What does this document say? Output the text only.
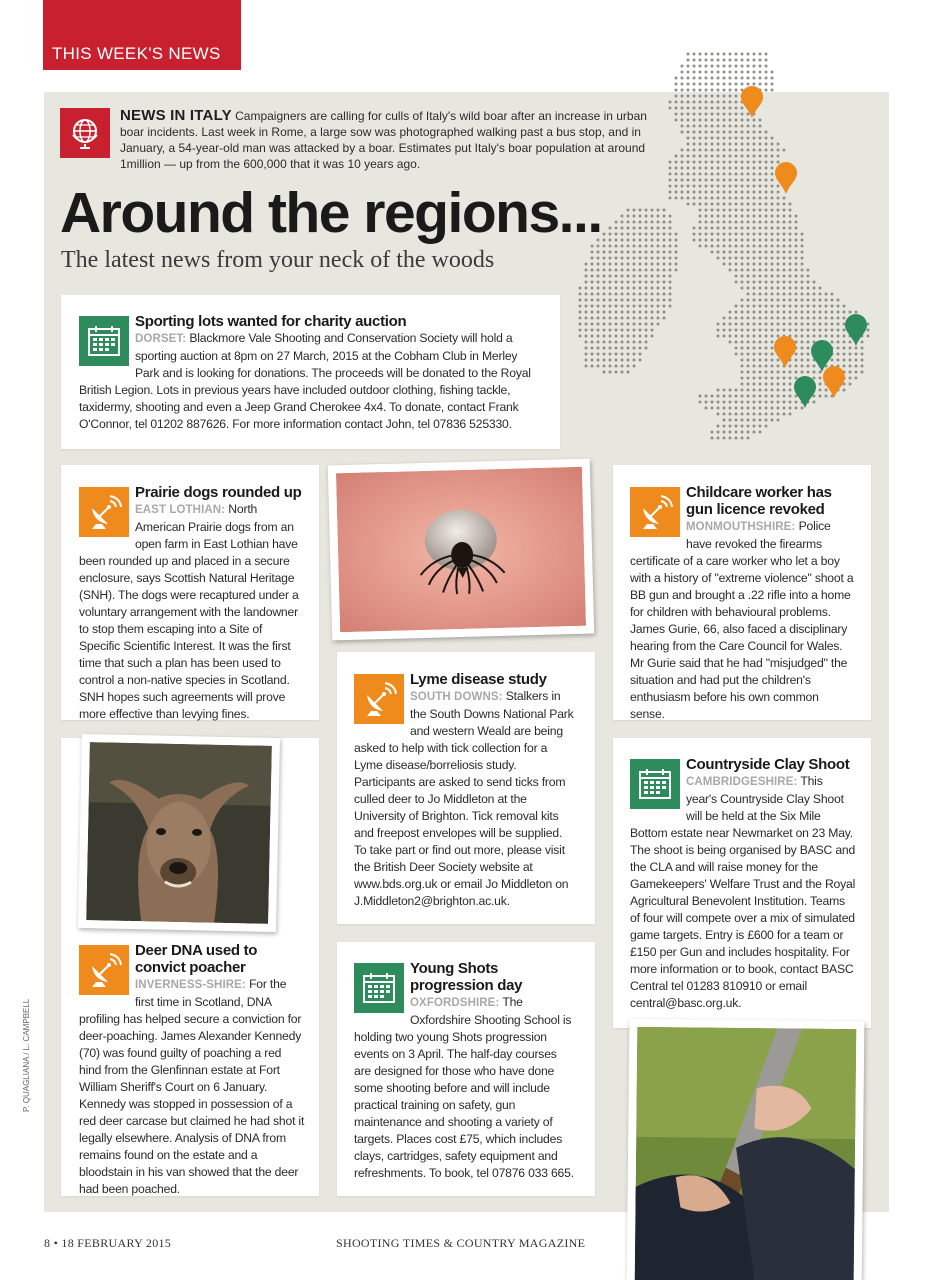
THIS WEEK'S NEWS
NEWS IN ITALY Campaigners are calling for culls of Italy's wild boar after an increase in urban boar incidents. Last week in Rome, a large sow was photographed walking past a bus stop, and in January, a 54-year-old man was attacked by a boar. Estimates put Italy's boar population at around 1million — up from the 600,000 that it was 10 years ago.
Around the regions...
The latest news from your neck of the woods
Sporting lots wanted for charity auction
DORSET: Blackmore Vale Shooting and Conservation Society will hold a sporting auction at 8pm on 27 March, 2015 at the Cobham Club in Merley Park and is looking for donations. The proceeds will be donated to the Royal British Legion. Lots in previous years have included outdoor clothing, fishing tackle, taxidermy, shooting and even a Jeep Grand Cherokee 4x4. To donate, contact Frank O'Connor, tel 01202 887626. For more information contact John, tel 07836 525330.
Prairie dogs rounded up
EAST LOTHIAN: North American Prairie dogs from an open farm in East Lothian have been rounded up and placed in a secure enclosure, says Scottish Natural Heritage (SNH). The dogs were recaptured under a voluntary arrangement with the landowner to stop them escaping into a Site of Specific Scientific Interest. It was the first time that such a plan has been used to control a non-native species in Scotland. SNH hopes such agreements will prove more effective than levying fines.
Childcare worker has gun licence revoked
MONMOUTHSHIRE: Police have revoked the firearms certificate of a care worker who let a boy with a history of "extreme violence" shoot a BB gun and brought a .22 rifle into a home for children with behavioural problems. James Gurie, 66, also faced a disciplinary hearing from the Care Council for Wales. Mr Gurie said that he had "misjudged" the situation and had put the children's enthusiasm before his own common sense.
Lyme disease study
SOUTH DOWNS: Stalkers in the South Downs National Park and western Weald are being asked to help with tick collection for a Lyme disease/borreliosis study. Participants are asked to send ticks from culled deer to Jo Middleton at the University of Brighton. Tick removal kits and freepost envelopes will be supplied.
To take part or find out more, please visit the British Deer Society website at www.bds.org.uk or email Jo Middleton on J.Middleton2@brighton.ac.uk.
Countryside Clay Shoot
CAMBRIDGESHIRE: This year's Countryside Clay Shoot will be held at the Six Mile Bottom estate near Newmarket on 23 May. The shoot is being organised by BASC and the CLA and will raise money for the Gamekeepers' Welfare Trust and the Royal Agricultural Benevolent Institution. Teams of four will compete over a mix of simulated game targets. Entry is £600 for a team or £150 per Gun and includes hospitality. For more information or to book, contact BASC Central tel 01283 810910 or email central@basc.org.uk.
Deer DNA used to convict poacher
INVERNESS-SHIRE: For the first time in Scotland, DNA profiling has helped secure a conviction for deer-poaching. James Alexander Kennedy (70) was found guilty of poaching a red hind from the Glenfinnan estate at Fort William Sheriff's Court on 6 January. Kennedy was stopped in possession of a red deer carcase but claimed he had shot it legally elsewhere. Analysis of DNA from remains found on the estate and a bloodstain in his van showed that the deer had been poached.
Young Shots progression day
OXFORDSHIRE: The Oxfordshire Shooting School is holding two young Shots progression events on 3 April. The half-day courses are designed for those who have done some shooting before and will include practical training on safety, gun maintenance and shooting a variety of targets. Places cost £75, which includes clays, cartridges, safety equipment and refreshments. To book, tel 07876 033 665.
8 • 18 FEBRUARY 2015	SHOOTING TIMES & COUNTRY MAGAZINE
P. QUAGLIANA / L. CAMPBELL
